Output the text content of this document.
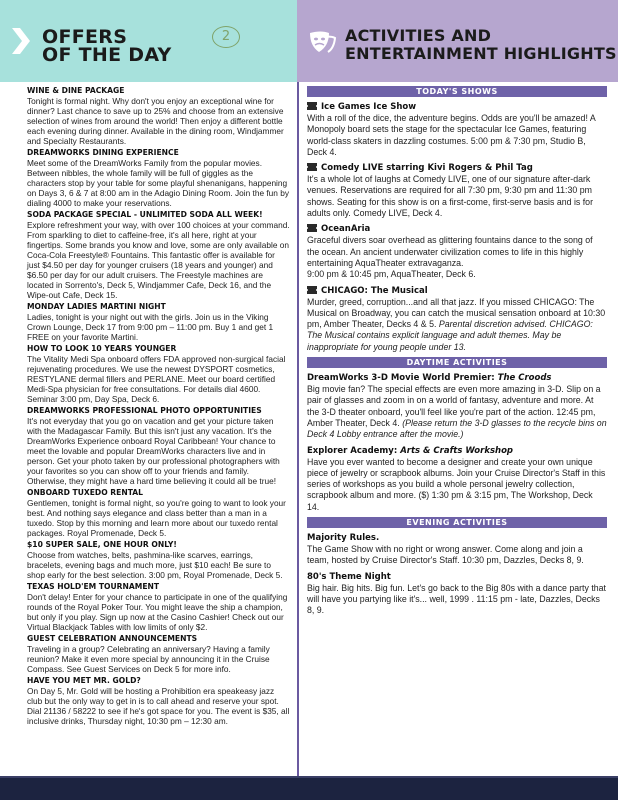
OFFERS
OF THE DAY
2	ACTIVITIES AND
ENTERTAINMENT HIGHLIGHTS
WINE & DINE PACKAGE

Tonight is formal night. Why don't you enjoy an exceptional wine for dinner? Last chance to save up to 25% and choose from an extensive selection of wines from around the world! Then enjoy a different bottle each evening during dinner. Available in the dining room, Windjammer and Specialty Restaurants.

DREAMWORKS DINING EXPERIENCE

Meet some of the DreamWorks Family from the popular movies. Between nibbles, the whole family will be full of giggles as the characters stop by your table for some playful shenanigans, happening on Days 3, 6 & 7 at 8:00 am in the Adagio Dining Room. Join the fun by dialing 4000 to make your reservations.

SODA PACKAGE SPECIAL - UNLIMITED SODA ALL WEEK!

Explore refreshment your way, with over 100 choices at your command. From sparkling to diet to caffeine-free, it's all here, right at your fingertips. Some brands you know and love, some are only available on Coca-Cola Freestyle® Fountains. This fantastic offer is available for just $4.50 per day for younger cruisers (18 years and younger) and $6.50 per day for our adult cruisers. The Freestyle machines are located in Sorrento's, Deck 5, Windjammer Cafe, Deck 16, and the Wipe-out Cafe, Deck 15.

MONDAY LADIES MARTINI NIGHT

Ladies, tonight is your night out with the girls. Join us in the Viking Crown Lounge, Deck 17 from 9:00 pm – 11:00 pm. Buy 1 and get 1 FREE on your favorite Martini.

HOW TO LOOK 10 YEARS YOUNGER

The Vitality Medi Spa onboard offers FDA approved non-surgical facial rejuvenating procedures. We use the newest DYSPORT cosmetics, RESTYLANE dermal fillers and PERLANE. Meet our board certified Medi-Spa physician for free consultations. For details dial 4600. Seminar 3:00 pm, Day Spa, Deck 6.

DREAMWORKS PROFESSIONAL PHOTO OPPORTUNITIES

It's not everyday that you go on vacation and get your picture taken with the Madagascar Family. But this isn't just any vacation. It's the DreamWorks Experience onboard Royal Caribbean! Your chance to meet the lovable and popular DreamWorks characters live and in person. Get your photo taken by our professional photographers with your favorites so you can show off to your friends and family. Otherwise, they might have a hard time believing it could all be true!

ONBOARD TUXEDO RENTAL

Gentlemen, tonight is formal night, so you're going to want to look your best. And nothing says elegance and class better than a man in a tuxedo. Stop by this morning and learn more about our tuxedo rental packages. Royal Promenade, Deck 5.

$10 SUPER SALE, ONE HOUR ONLY!

Choose from watches, belts, pashmina-like scarves, earrings, bracelets, evening bags and much more, just $10 each! Be sure to shop early for the best selection. 3:00 pm, Royal Promenade, Deck 5.

TEXAS HOLD'EM TOURNAMENT

Don't delay! Enter for your chance to participate in one of the qualifying rounds of the Royal Poker Tour. You might leave the ship a champion, but only if you play. Sign up now at the Casino Cashier! Check out our Virtual Blackjack Tables with low limits of only $2.

GUEST CELEBRATION ANNOUNCEMENTS

Traveling in a group? Celebrating an anniversary? Having a family reunion? Make it even more special by announcing it in the Cruise Compass. See Guest Services on Deck 5 for more info.

HAVE YOU MET MR. GOLD?

On Day 5, Mr. Gold will be hosting a Prohibition era speakeasy jazz club but the only way to get in is to call ahead and reserve your spot. Dial 21136 / 58222 to see if he's got space for you. The event is $35, all inclusive drinks, Thursday night, 10:30 pm – 12:30 am.

TODAY'S SHOWS
Ice Games Ice Show

With a roll of the dice, the adventure begins. Odds are you'll be amazed! A Monopoly board sets the stage for the spectacular Ice Games, featuring world-class skaters in dazzling costumes. 5:00 pm & 7:30 pm, Studio B, Deck 4.

Comedy LIVE starring Kivi Rogers & Phil Tag

It's a whole lot of laughs at Comedy LIVE, one of our signature after-dark venues. Reservations are required for all 7:30 pm, 9:30 pm and 11:30 pm shows. Seating for this show is on a first-come, first-serve basis and is for adults only. Comedy LIVE, Deck 4.

OceanAria

Graceful divers soar overhead as glittering fountains dance to the song of the ocean. An ancient underwater civilization comes to life in this highly entertaining AquaTheater extravaganza.

9:00 pm & 10:45 pm, AquaTheater, Deck 6.

CHICAGO: The Musical

Murder, greed, corruption...and all that jazz. If you missed CHICAGO: The Musical on Broadway, you can catch the musical sensation onboard at 10:30 pm, Amber Theater, Decks 4 & 5. Parental discretion advised. CHICAGO: The Musical contains explicit language and adult themes. May be inappropriate for young people under 13.

DAYTIME ACTIVITIES
DreamWorks 3-D Movie World Premier: The Croods

Big movie fan? The special effects are even more amazing in 3-D. Slip on a pair of glasses and zoom in on a world of fantasy, adventure and more. At the 3-D theater onboard, you'll feel like you're part of the action. 12:45 pm, Amber Theater, Deck 4. (Please return the 3-D glasses to the recycle bins on Deck 4 Lobby entrance after the movie.)

Explorer Academy: Arts & Crafts Workshop

Have you ever wanted to become a designer and create your own unique piece of jewelry or scrapbook albums. Join your Cruise Director's Staff in this series of workshops as you build a whole personal jewelry collection, scrapbook album and more. ($) 1:30 pm & 3:15 pm, The Workshop, Deck 14.

EVENING ACTIVITIES
Majority Rules.

The Game Show with no right or wrong answer. Come along and join a team, hosted by Cruise Director's Staff. 10:30 pm, Dazzles, Decks 8, 9.

80's Theme Night

Big hair. Big hits. Big fun. Let's go back to the Big 80s with a dance party that will have you partying like it's... well, 1999 . 11:15 pm - late, Dazzles, Decks 8, 9.
